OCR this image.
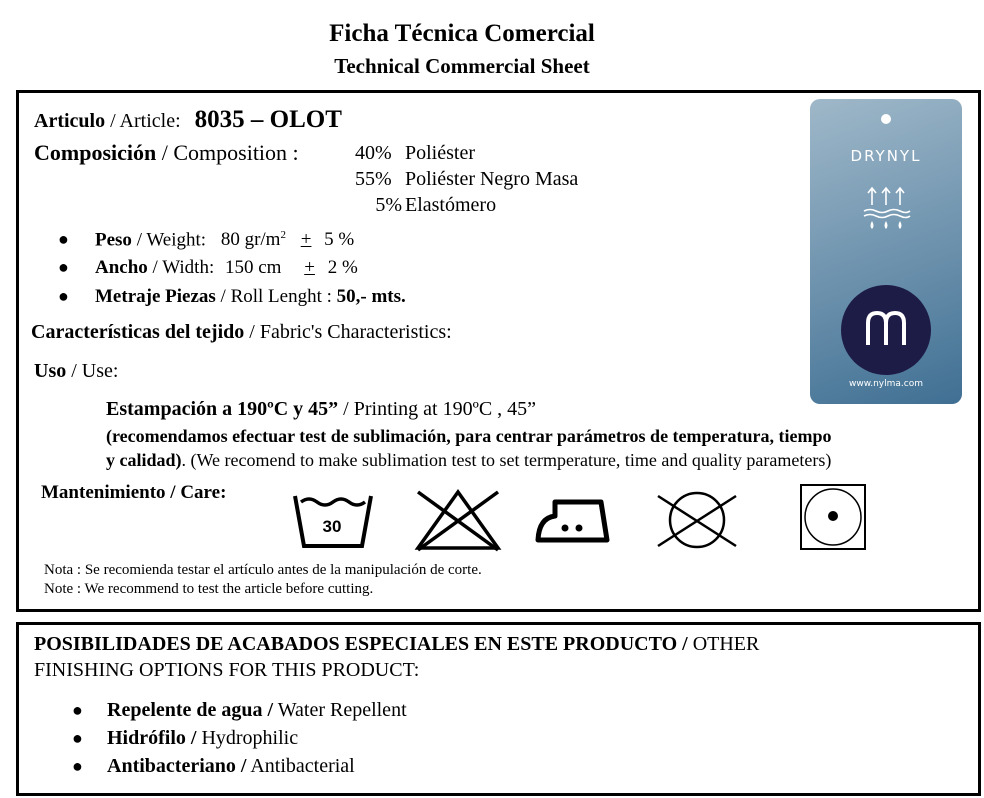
Ficha Técnica Comercial
Technical Commercial Sheet
Articulo / Article: 8035 – OLOT
Composición / Composition :	40% Poliéster
55% Poliéster Negro Masa
5% Elastómero
● Peso / Weight: 80 $gr/m^2 + 5$ %
● Ancho / Width: 150 cm + 2 %
● Metraje Piezas / Roll Lenght : 50,- mts.
Características del tejido / Fabric's Characteristics:
Uso / Use:
Estampación a 190ºC y 45” / Printing at 190ºC , 45”
(recomendamos efectuar test de sublimación, para centrar parámetros de temperatura, tiempo
y calidad). (We recomend to make sublimation test to set termperature, time and quality parameters)
Mantenimiento / Care:
30
Nota : Se recomienda testar el artículo antes de la manipulación de corte.
Note : We recommend to test the article before cutting.
DRYNYL
www.nylma.com
POSIBILIDADES DE ACABADOS ESPECIALES EN ESTE PRODUCTO / OTHER
FINISHING OPTIONS FOR THIS PRODUCT:
● Repelente de agua / Water Repellent
● Hidrófilo / Hydrophilic
● Antibacteriano / Antibacterial
